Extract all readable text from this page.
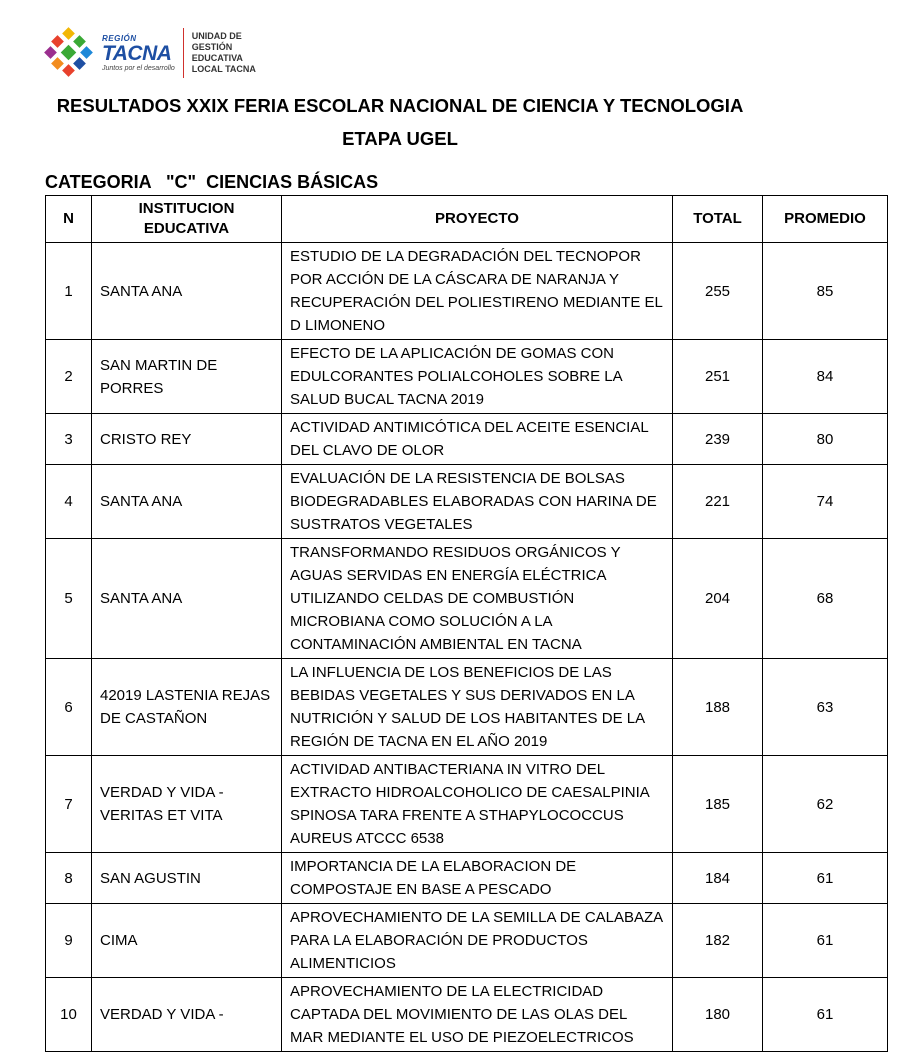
REGIÓN
TACNA
Juntos por el desarrollo
UNIDAD DE
GESTIÓN
EDUCATIVA
LOCAL TACNA
RESULTADOS XXIX FERIA ESCOLAR NACIONAL DE CIENCIA Y TECNOLOGIA
ETAPA UGEL
CATEGORIA   "C"  CIENCIAS BÁSICAS
N	INSTITUCION EDUCATIVA	PROYECTO	TOTAL	PROMEDIO
1	SANTA ANA	ESTUDIO DE LA DEGRADACIÓN DEL TECNOPOR POR ACCIÓN DE LA CÁSCARA DE NARANJA Y RECUPERACIÓN DEL POLIESTIRENO MEDIANTE EL D LIMONENO	255	85
2	SAN MARTIN DE PORRES	EFECTO DE LA APLICACIÓN DE GOMAS CON EDULCORANTES POLIALCOHOLES SOBRE LA SALUD BUCAL TACNA 2019	251	84
3	CRISTO REY	ACTIVIDAD ANTIMICÓTICA DEL ACEITE ESENCIAL DEL CLAVO DE OLOR	239	80
4	SANTA ANA	EVALUACIÓN DE LA RESISTENCIA DE BOLSAS BIODEGRADABLES ELABORADAS CON HARINA DE SUSTRATOS VEGETALES	221	74
5	SANTA ANA	TRANSFORMANDO RESIDUOS ORGÁNICOS Y AGUAS SERVIDAS EN ENERGÍA ELÉCTRICA UTILIZANDO CELDAS DE COMBUSTIÓN MICROBIANA COMO SOLUCIÓN A LA CONTAMINACIÓN AMBIENTAL EN TACNA	204	68
6	42019 LASTENIA REJAS DE CASTAÑON	LA INFLUENCIA DE LOS BENEFICIOS DE LAS BEBIDAS VEGETALES Y SUS DERIVADOS EN LA NUTRICIÓN Y SALUD DE LOS HABITANTES DE LA REGIÓN DE TACNA EN EL AÑO 2019	188	63
7	VERDAD Y VIDA - VERITAS ET VITA	ACTIVIDAD ANTIBACTERIANA IN VITRO DEL EXTRACTO HIDROALCOHOLICO DE CAESALPINIA SPINOSA TARA FRENTE A STHAPYLOCOCCUS AUREUS ATCCC 6538	185	62
8	SAN AGUSTIN	IMPORTANCIA DE LA ELABORACION DE COMPOSTAJE EN BASE A PESCADO	184	61
9	CIMA	APROVECHAMIENTO DE LA SEMILLA DE CALABAZA PARA LA ELABORACIÓN DE PRODUCTOS ALIMENTICIOS	182	61
10	VERDAD Y VIDA -	APROVECHAMIENTO DE LA ELECTRICIDAD CAPTADA DEL MOVIMIENTO DE LAS OLAS DEL MAR MEDIANTE EL USO DE PIEZOELECTRICOS	180	61
